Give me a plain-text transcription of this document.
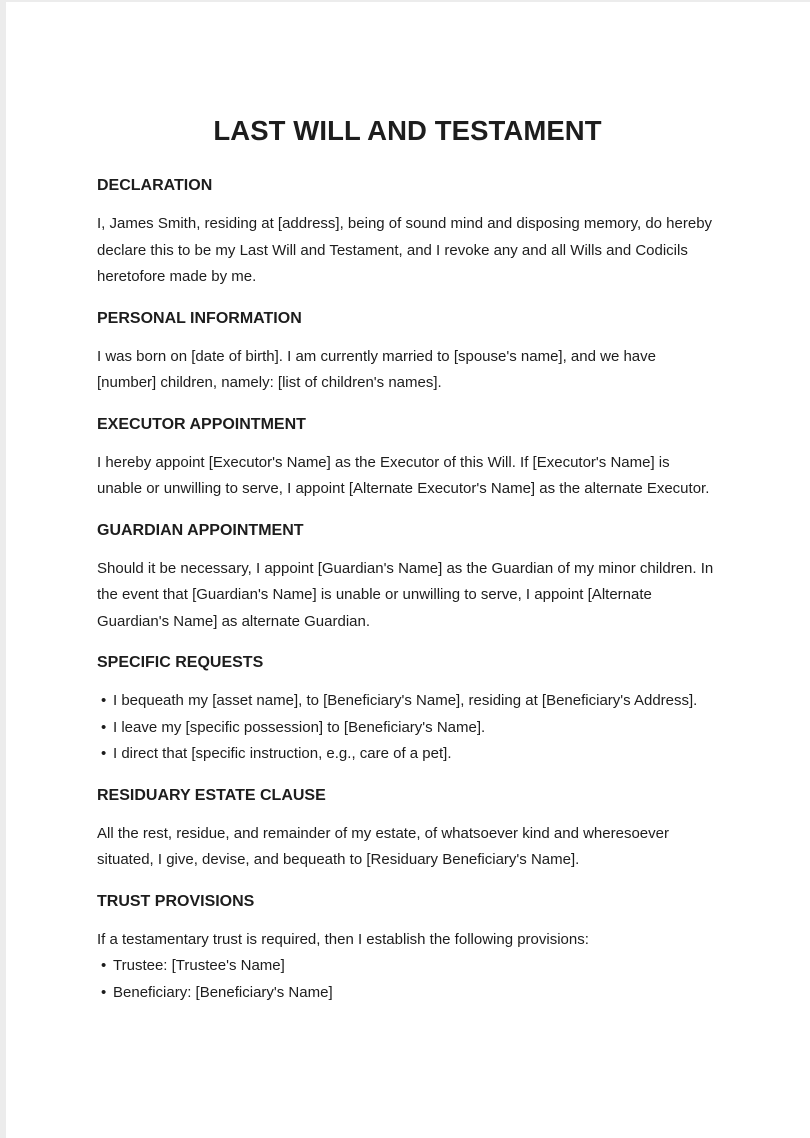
LAST WILL AND TESTAMENT
DECLARATION
I, James Smith, residing at [address], being of sound mind and disposing memory, do hereby declare this to be my Last Will and Testament, and I revoke any and all Wills and Codicils heretofore made by me.
PERSONAL INFORMATION
I was born on [date of birth]. I am currently married to [spouse's name], and we have [number] children, namely: [list of children's names].
EXECUTOR APPOINTMENT
I hereby appoint [Executor's Name] as the Executor of this Will. If [Executor's Name] is unable or unwilling to serve, I appoint [Alternate Executor's Name] as the alternate Executor.
GUARDIAN APPOINTMENT
Should it be necessary, I appoint [Guardian's Name] as the Guardian of my minor children. In the event that [Guardian's Name] is unable or unwilling to serve, I appoint [Alternate Guardian's Name] as alternate Guardian.
SPECIFIC REQUESTS
• I bequeath my [asset name], to [Beneficiary's Name], residing at [Beneficiary's Address].
• I leave my [specific possession] to [Beneficiary's Name].
• I direct that [specific instruction, e.g., care of a pet].
RESIDUARY ESTATE CLAUSE
All the rest, residue, and remainder of my estate, of whatsoever kind and wheresoever situated, I give, devise, and bequeath to [Residuary Beneficiary's Name].
TRUST PROVISIONS
If a testamentary trust is required, then I establish the following provisions:
• Trustee: [Trustee's Name]
• Beneficiary: [Beneficiary's Name]
